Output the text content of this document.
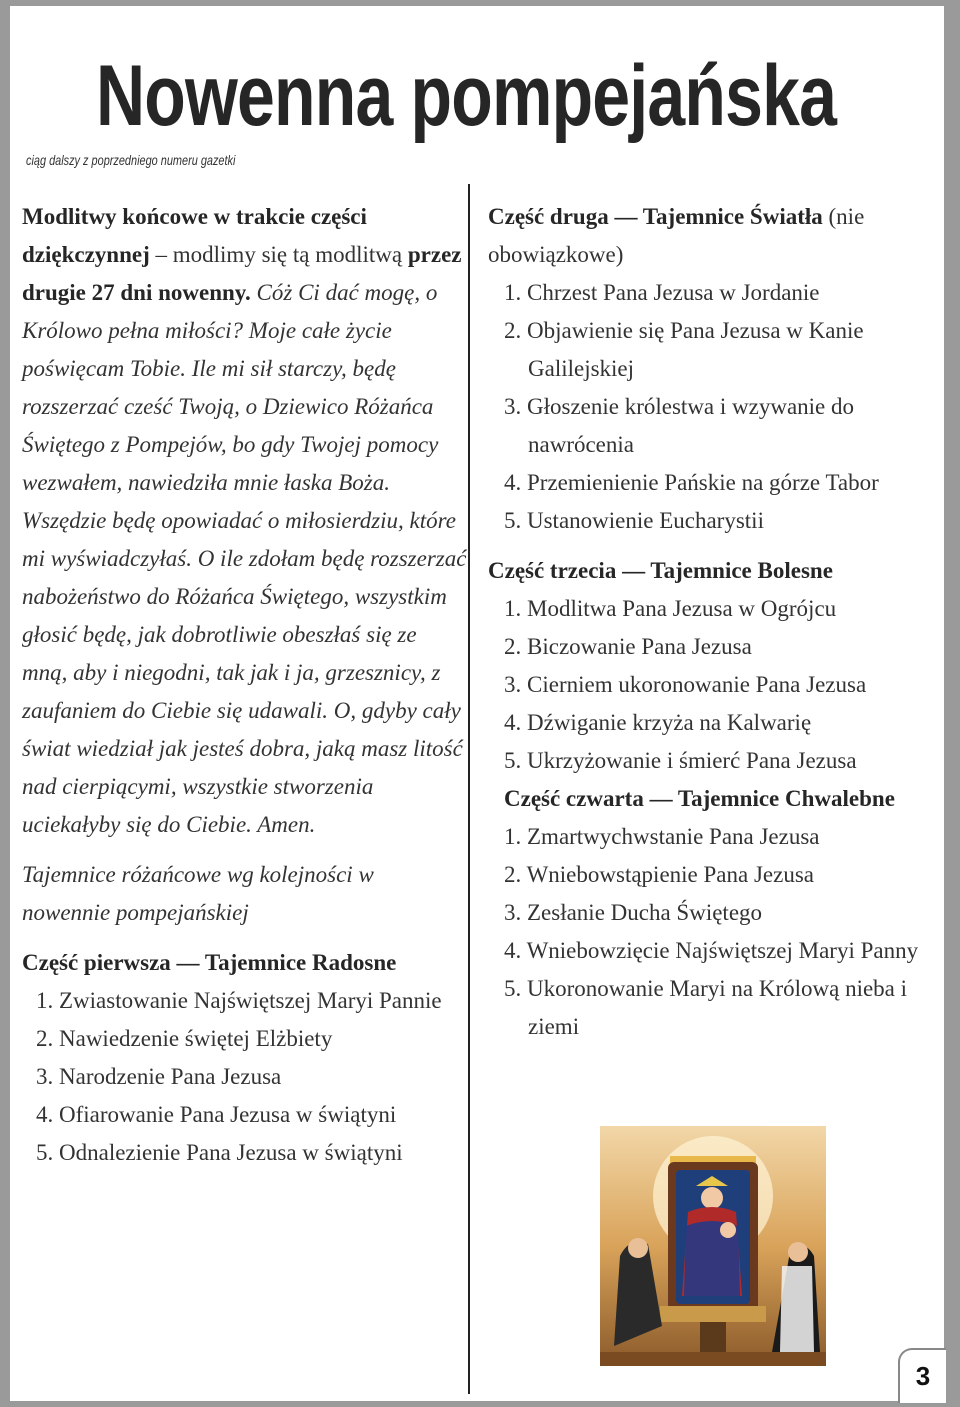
Nowenna pompejańska
ciąg dalszy z poprzedniego numeru gazetki

Modlitwy końcowe w trakcie części dziękczynnej – modlimy się tą modlitwą przez drugie 27 dni nowenny. Cóż Ci dać mogę, o Królowo pełna miłości? Moje całe życie poświęcam Tobie. Ile mi sił starczy, będę rozszerzać cześć Twoją, o Dziewico Różańca Świętego z Pompejów, bo gdy Twojej pomocy wezwałem, nawiedziła mnie łaska Boża. Wszędzie będę opowiadać o miłosierdziu, które mi wyświadczyłaś. O ile zdołam będę rozszerzać nabożeństwo do Różańca Świętego, wszystkim głosić będę, jak dobrotliwie obeszłaś się ze mną, aby i niegodni, tak jak i ja, grzesznicy, z zaufaniem do Ciebie się udawali. O, gdyby cały świat wiedział jak jesteś dobra, jaką masz litość nad cierpiącymi, wszystkie stworzenia uciekałyby się do Ciebie. Amen.

Tajemnice różańcowe wg kolejności w nowennie pompejańskiej

Część pierwsza — Tajemnice Radosne

1. Zwiastowanie Najświętszej Maryi Pannie
2. Nawiedzenie świętej Elżbiety
3. Narodzenie Pana Jezusa
4. Ofiarowanie Pana Jezusa w świątyni
5. Odnalezienie Pana Jezusa w świątyni

Część druga — Tajemnice Światła (nie obowiązkowe)

1. Chrzest Pana Jezusa w Jordanie
2. Objawienie się Pana Jezusa w Kanie Galilejskiej
3. Głoszenie królestwa i wzywanie do nawrócenia
4. Przemienienie Pańskie na górze Tabor
5. Ustanowienie Eucharystii

Część trzecia — Tajemnice Bolesne

1. Modlitwa Pana Jezusa w Ogrójcu
2. Biczowanie Pana Jezusa
3. Cierniem ukoronowanie Pana Jezusa
4. Dźwiganie krzyża na Kalwarię
5. Ukrzyżowanie i śmierć Pana Jezusa

Część czwarta — Tajemnice Chwalebne

1. Zmartwychwstanie Pana Jezusa
2. Wniebowstąpienie Pana Jezusa
3. Zesłanie Ducha Świętego
4. Wniebowzięcie Najświętszej Maryi Panny
5. Ukoronowanie Maryi na Królową nieba i ziemi
3
